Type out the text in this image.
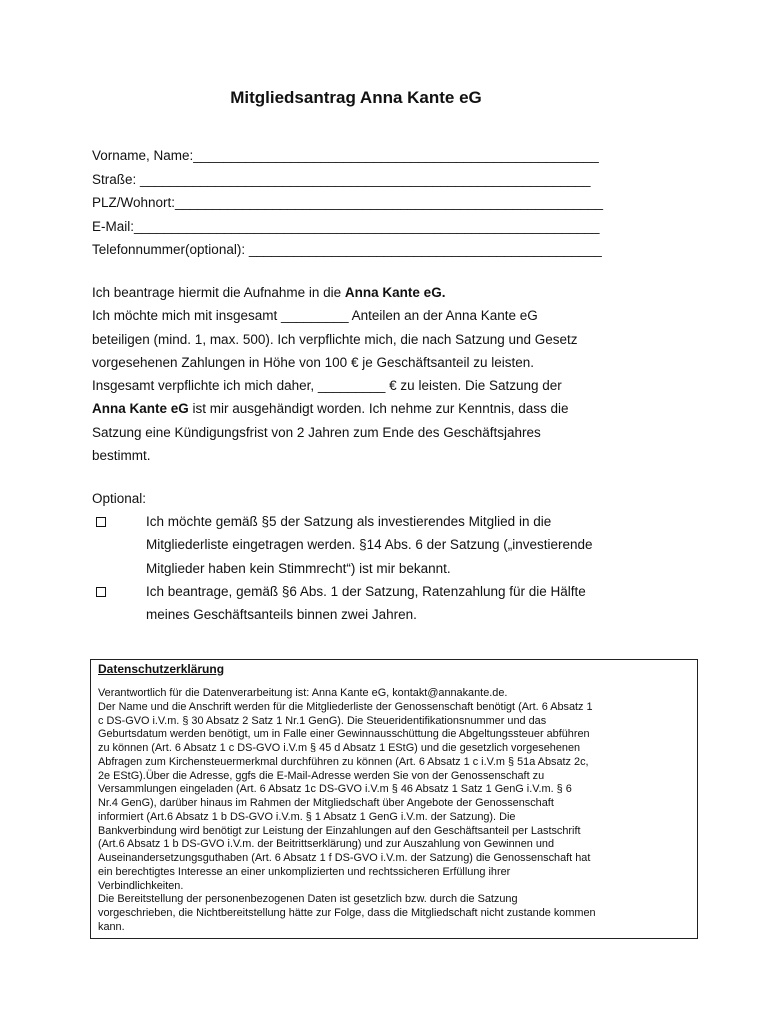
Mitgliedsantrag Anna Kante eG
Vorname, Name:______________________________________________________
Straße: ____________________________________________________________
PLZ/Wohnort:_________________________________________________________
E-Mail:______________________________________________________________
Telefonnummer(optional): _______________________________________________
Ich beantrage hiermit die Aufnahme in die Anna Kante eG.
Ich möchte mich mit insgesamt _________ Anteilen an der Anna Kante eG
beteiligen (mind. 1, max. 500). Ich verpflichte mich, die nach Satzung und Gesetz
vorgesehenen Zahlungen in Höhe von 100 € je Geschäftsanteil zu leisten.
Insgesamt verpflichte ich mich daher, _________ € zu leisten. Die Satzung der
Anna Kante eG ist mir ausgehändigt worden. Ich nehme zur Kenntnis, dass die
Satzung eine Kündigungsfrist von 2 Jahren zum Ende des Geschäftsjahres
bestimmt.
Optional:
Ich möchte gemäß §5 der Satzung als investierendes Mitglied in die
Mitgliederliste eingetragen werden. §14 Abs. 6 der Satzung („investierende
Mitglieder haben kein Stimmrecht“) ist mir bekannt.
Ich beantrage, gemäß §6 Abs. 1 der Satzung, Ratenzahlung für die Hälfte
meines Geschäftsanteils binnen zwei Jahren.
Datenschutzerklärung
Verantwortlich für die Datenverarbeitung ist: Anna Kante eG, kontakt@annakante.de.
Der Name und die Anschrift werden für die Mitgliederliste der Genossenschaft benötigt (Art. 6 Absatz 1
c DS-GVO i.V.m. § 30 Absatz 2 Satz 1 Nr.1 GenG). Die Steueridentifikationsnummer und das
Geburtsdatum werden benötigt, um in Falle einer Gewinnausschüttung die Abgeltungssteuer abführen
zu können (Art. 6 Absatz 1 c DS-GVO i.V.m § 45 d Absatz 1 EStG) und die gesetzlich vorgesehenen
Abfragen zum Kirchensteuermerkmal durchführen zu können (Art. 6 Absatz 1 c i.V.m § 51a Absatz 2c,
2e EStG).Über die Adresse, ggfs die E-Mail-Adresse werden Sie von der Genossenschaft zu
Versammlungen eingeladen (Art. 6 Absatz 1c DS-GVO i.V.m § 46 Absatz 1 Satz 1 GenG i.V.m. § 6
Nr.4 GenG), darüber hinaus im Rahmen der Mitgliedschaft über Angebote der Genossenschaft
informiert (Art.6 Absatz 1 b DS-GVO i.V.m. § 1 Absatz 1 GenG i.V.m. der Satzung). Die
Bankverbindung wird benötigt zur Leistung der Einzahlungen auf den Geschäftsanteil per Lastschrift
(Art.6 Absatz 1 b DS-GVO i.V.m. der Beitrittserklärung) und zur Auszahlung von Gewinnen und
Auseinandersetzungsguthaben (Art. 6 Absatz 1 f DS-GVO i.V.m. der Satzung) die Genossenschaft hat
ein berechtigtes Interesse an einer unkomplizierten und rechtssicheren Erfüllung ihrer
Verbindlichkeiten.
Die Bereitstellung der personenbezogenen Daten ist gesetzlich bzw. durch die Satzung
vorgeschrieben, die Nichtbereitstellung hätte zur Folge, dass die Mitgliedschaft nicht zustande kommen
kann.
